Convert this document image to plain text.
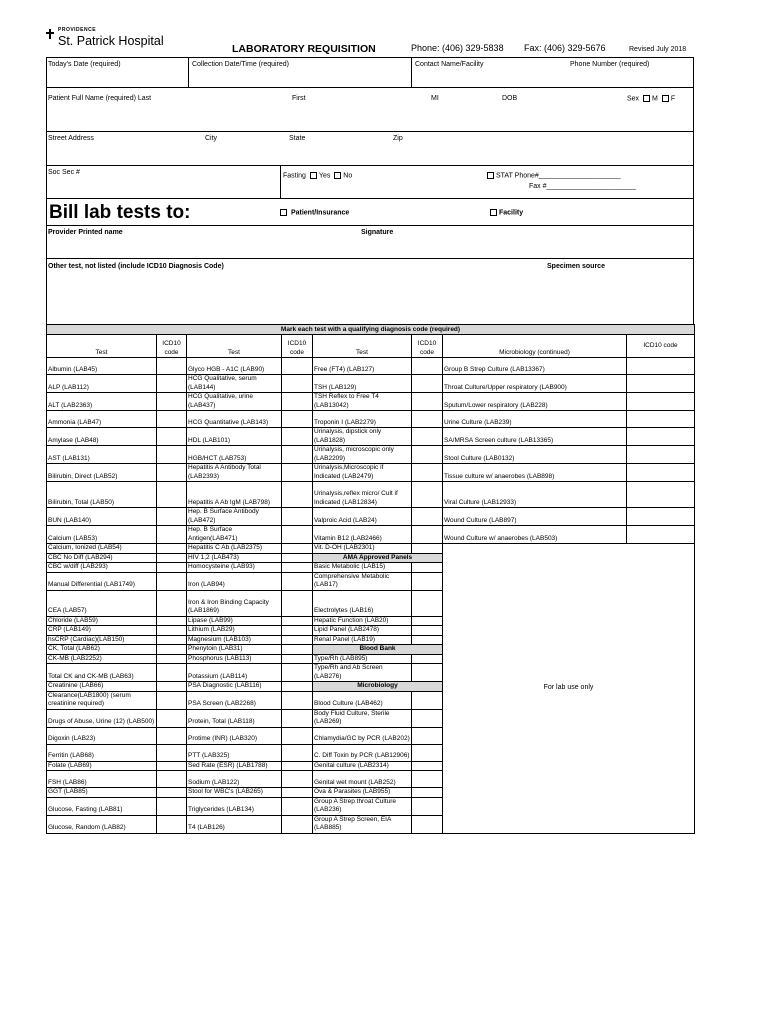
PROVIDENCE
St. Patrick Hospital
LABORATORY REQUISITION	Phone: (406) 329-5838 Fax: (406) 329-5676	Revised July 2018
Today's Date (required)	Collection Date/Time (required)	Contact Name/Facility	Phone Number (required)
Patient Full Name (required) Last	First	MI	DOB	Sex M F
Street Address	City	State	Zip
Soc Sec #	Fasting Yes No	STAT Phone#_____________________
Fax #_______________________
Bill lab tests to:	Patient/Insurance	Facility
Provider Printed name	Signature
Other test, not listed (include ICD10 Diagnosis Code)	Specimen source
Mark each test with a qualifying diagnosis code (required)							
Test	ICD10 code	Test	ICD10 code	Test	ICD10 code	Microbiology (continued)	ICD10 code
Albumin (LAB45)		Glyco HGB - A1C (LAB90)		Free (FT4) (LAB127)		Group B Strep Culture (LAB13367)	
ALP (LAB112)		HCG Qualitative, serum (LAB144)		TSH (LAB129)		Throat Culture/Upper respiratory (LAB900)	
ALT (LAB2363)		HCG Qualitative, urine (LAB437)		TSH Reflex to Free T4 (LAB13042)		Sputum/Lower respiratory (LAB228)	
Ammonia (LAB47)		HCG Quantitative (LAB143)		Troponin I (LAB2279)		Urine Culture (LAB239)	
Amylase (LAB48)		HDL (LAB101)		Urinalysis, dipstick only (LAB1828)		SA/MRSA Screen culture (LAB13365)	
AST (LAB131)		HGB/HCT (LAB753)		Urinalysis, microscopic only (LAB2209)		Stool Culture (LAB0132)	
Bilirubin, Direct (LAB52)		Hepatitis A Antibody Total (LAB2393)		Urinalysis,Microscopic if Indicated (LAB2479)		Tissue culture w/ anaerobes (LAB898)	
Bilirubin, Total (LAB50)		Hepatitis A Ab IgM (LAB798)		Urinalysis,reflex micro/ Cult if Indicated (LAB12834)		Viral Culture (LAB12933)	
BUN (LAB140)		Hep. B Surface Antibody (LAB472)		Valproic Acid (LAB24)		Wound Culture (LAB897)	
Calcium (LAB53)		Hep. B Surface Antigen(LAB471)		Vitamin B12 (LAB2466)		Wound Culture w/ anaerobes (LAB503)	
Calcium, Ionized (LAB54)		Hepatitis C Ab (LAB2375)		Vit. D-OH (LAB2301)		For lab use only	
CBC No Diff (LAB294)		HIV 1,2 (LAB473)		AMA Approved Panels			
CBC w/diff (LAB293)		Homocysteine (LAB93)		Basic Metabolic (LAB15)			
Manual Differential (LAB1749)		Iron (LAB94)		Comprehensive Metabolic (LAB17)			
CEA (LAB57)		Iron & Iron Binding Capacity (LAB1869)		Electrolytes (LAB16)			
Chloride (LAB59)		Lipase (LAB99)		Hepatic Function (LAB20)			
CRP (LAB149)		Lithium (LAB29)		Lipid Panel (LAB2478)			
hsCRP (Cardiac)(LAB150)		Magnesium (LAB103)		Renal Panel (LAB19)			
CK, Total (LAB62)		Phenytoin (LAB31)		Blood Bank			
CK-MB (LAB2252)		Phosphorus (LAB113)		Type/Rh (LAB895)			
Total CK and CK-MB (LAB63)		Potassium (LAB114)		Type/Rh and Ab Screen (LAB276)			
Creatinine (LAB66)		PSA Diagnostic (LAB116)		Microbiology			
Clearance(LAB1800) (serum creatinine required)		PSA Screen (LAB2268)		Blood Culture (LAB462)			
Drugs of Abuse, Urine (12) (LAB500)		Protein, Total (LAB118)		Body Fluid Culture, Sterile (LAB269)			
Digoxin (LAB23)		Protime (INR) (LAB320)		Chlamydia/GC by PCR (LAB202)			
Ferritin (LAB68)		PTT (LAB325)		C. Diff Toxin by PCR (LAB12906)			
Folate (LAB69)		Sed Rate (ESR) (LAB1788)		Genital culture (LAB2314)			
FSH (LAB86)		Sodium (LAB122)		Genital wet mount (LAB252)			
GGT (LAB85)		Stool for WBC's (LAB265)		Ova & Parasites (LAB955)			
Glucose, Fasting (LAB81)		Triglycerides (LAB134)		Group A Strep throat Culture (LAB236)			
Glucose, Random (LAB82)		T4 (LAB126)		Group A Strep Screen, EIA (LAB885)			
